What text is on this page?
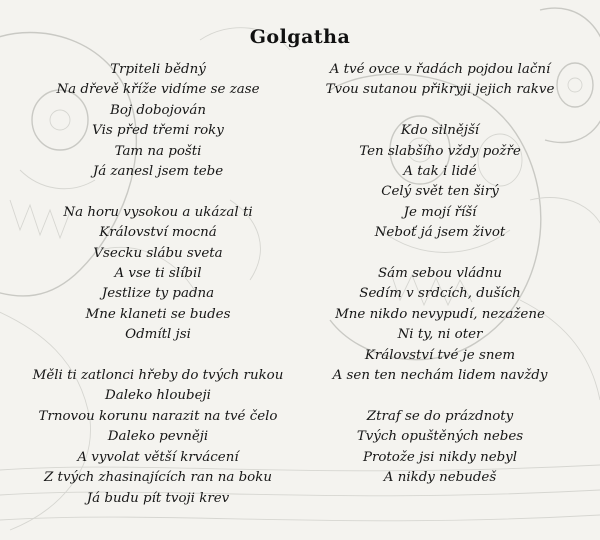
Golgatha
Trpiteli bědný
Na dřevě kříže vidíme se zase
Boj dobojován
Vis před třemi roky
Tam na pošti
Já zanesl jsem tebe
Na horu vysokou a ukázal ti
Království mocná
Vsecku slábu sveta
A vse ti slíbil
Jestlize ty padna
Mne klaneti se budes
Odmítl jsi
Měli ti zatlonci hřeby do tvých rukou
Daleko hloubeji
Trnovou korunu narazit na tvé čelo
Daleko pevněji
A vyvolat větší krvácení
Z tvých zhasinajících ran na boku
Já budu pít tvoji krev
A tvé ovce v řadách pojdou lační
Tvou sutanou přikryji jejich rakve
Kdo silnější
Ten slabšího vždy požře
A tak i lidé
Celý svět ten širý
Je mojí říší
Neboť já jsem život
Sám sebou vládnu
Sedím v srdcích, duších
Mne nikdo nevypudí, nezažene
Ni ty, ni oter
Království tvé je snem
A sen ten nechám lidem navždy
Ztraf se do prázdnoty
Tvých opuštěných nebes
Protože jsi nikdy nebyl
A nikdy nebudeš
